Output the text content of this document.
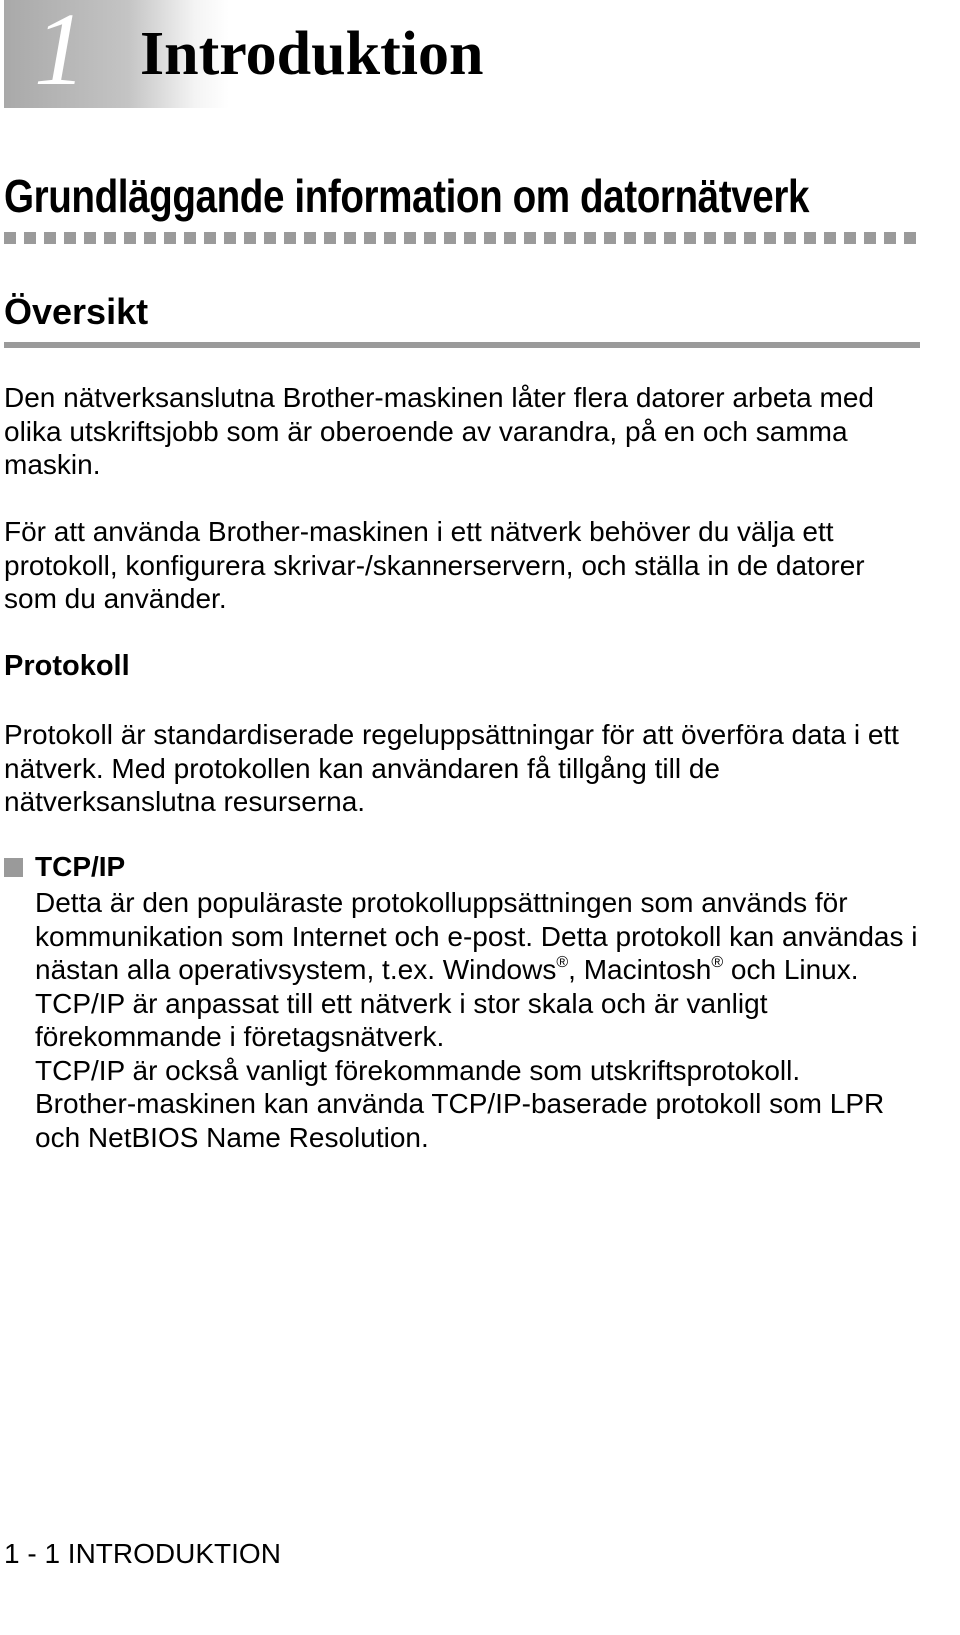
1 Introduktion
Grundläggande information om datornätverk
Översikt

Den nätverksanslutna Brother-maskinen låter flera datorer arbeta med olika utskriftsjobb som är oberoende av varandra, på en och samma maskin.

För att använda Brother-maskinen i ett nätverk behöver du välja ett protokoll, konfigurera skrivar-/skannerservern, och ställa in de datorer som du använder.

Protokoll

Protokoll är standardiserade regeluppsättningar för att överföra data i ett nätverk. Med protokollen kan användaren få tillgång till de nätverksanslutna resurserna.

TCP/IP

Detta är den populäraste protokolluppsättningen som används för kommunikation som Internet och e-post. Detta protokoll kan användas i nästan alla operativsystem, t.ex. Windows®, Macintosh® och Linux.
TCP/IP är anpassat till ett nätverk i stor skala och är vanligt förekommande i företagsnätverk.
TCP/IP är också vanligt förekommande som utskriftsprotokoll.
Brother-maskinen kan använda TCP/IP-baserade protokoll som LPR och NetBIOS Name Resolution.

1 - 1 INTRODUKTION
